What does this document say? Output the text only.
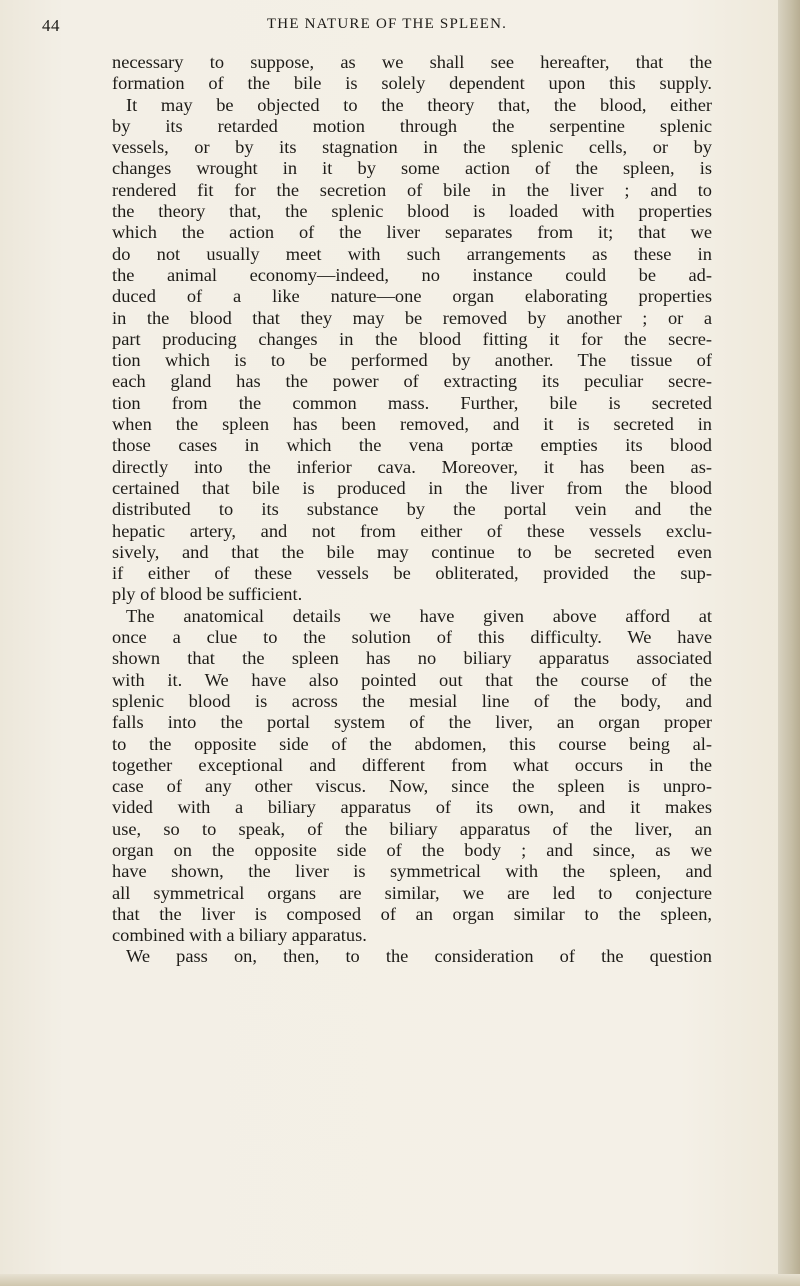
44	THE NATURE OF THE SPLEEN.
necessary to suppose, as we shall see hereafter, that the
formation of the bile is solely dependent upon this supply.
It may be objected to the theory that, the blood, either
by its retarded motion through the serpentine splenic
vessels, or by its stagnation in the splenic cells, or by
changes wrought in it by some action of the spleen, is
rendered fit for the secretion of bile in the liver ; and to
the theory that, the splenic blood is loaded with properties
which the action of the liver separates from it; that we
do not usually meet with such arrangements as these in
the animal economy—indeed, no instance could be ad-
duced of a like nature—one organ elaborating properties
in the blood that they may be removed by another ; or a
part producing changes in the blood fitting it for the secre-
tion which is to be performed by another. The tissue of
each gland has the power of extracting its peculiar secre-
tion from the common mass. Further, bile is secreted
when the spleen has been removed, and it is secreted in
those cases in which the vena portæ empties its blood
directly into the inferior cava. Moreover, it has been as-
certained that bile is produced in the liver from the blood
distributed to its substance by the portal vein and the
hepatic artery, and not from either of these vessels exclu-
sively, and that the bile may continue to be secreted even
if either of these vessels be obliterated, provided the sup-
ply of blood be sufficient.
The anatomical details we have given above afford at
once a clue to the solution of this difficulty. We have
shown that the spleen has no biliary apparatus associated
with it. We have also pointed out that the course of the
splenic blood is across the mesial line of the body, and
falls into the portal system of the liver, an organ proper
to the opposite side of the abdomen, this course being al-
together exceptional and different from what occurs in the
case of any other viscus. Now, since the spleen is unpro-
vided with a biliary apparatus of its own, and it makes
use, so to speak, of the biliary apparatus of the liver, an
organ on the opposite side of the body ; and since, as we
have shown, the liver is symmetrical with the spleen, and
all symmetrical organs are similar, we are led to conjecture
that the liver is composed of an organ similar to the spleen,
combined with a biliary apparatus.
We pass on, then, to the consideration of the question
